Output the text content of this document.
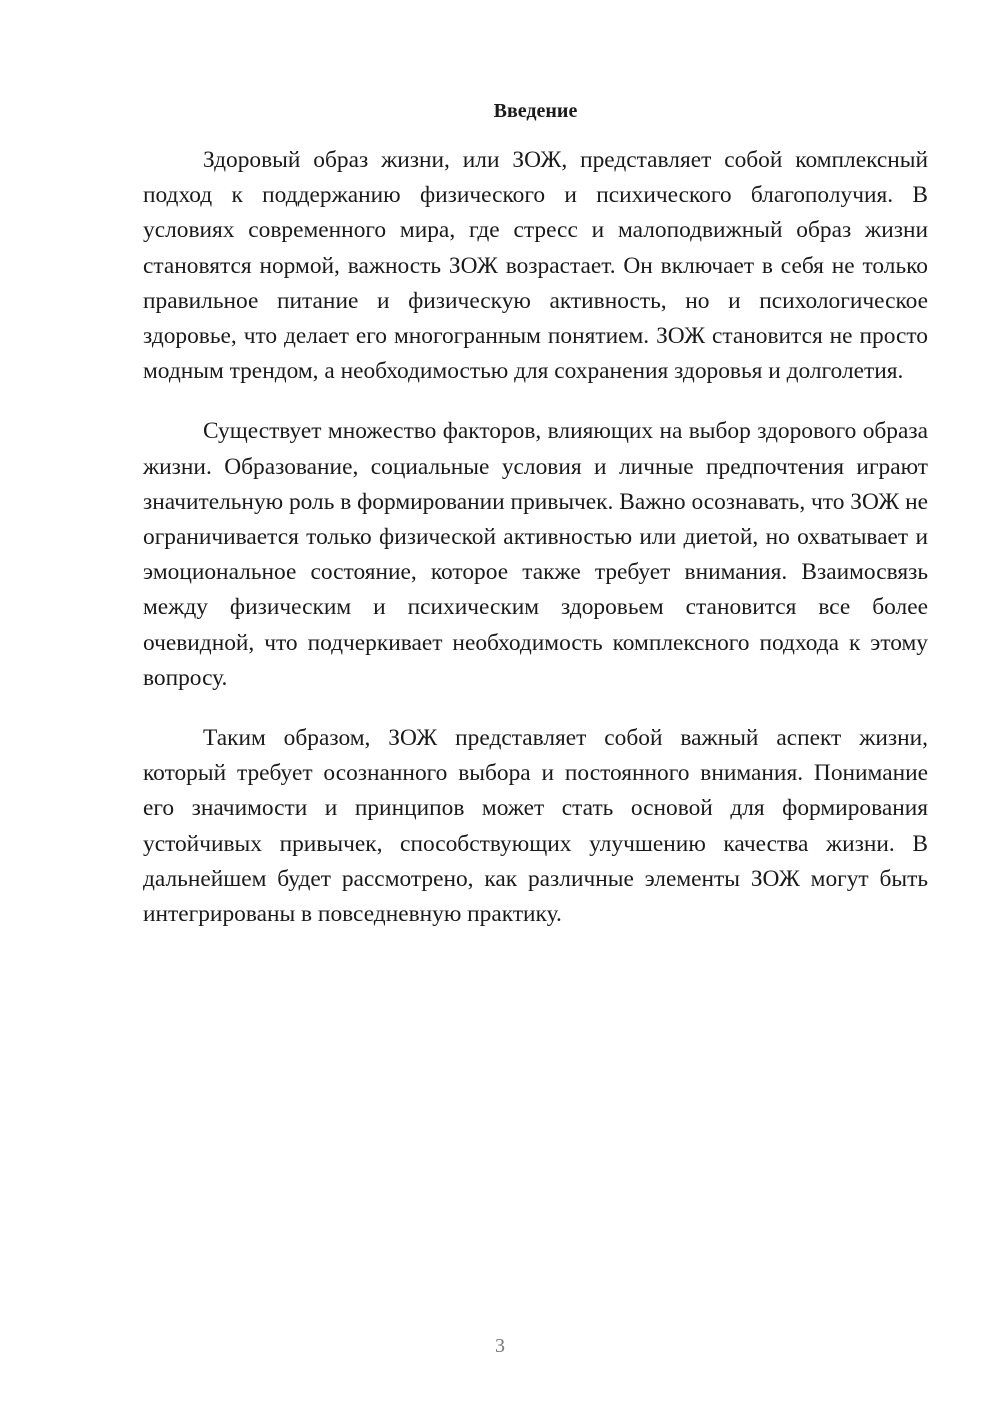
Введение

Здоровый образ жизни, или ЗОЖ, представляет собой комплексный подход к поддержанию физического и психического благополучия. В условиях современного мира, где стресс и малоподвижный образ жизни становятся нормой, важность ЗОЖ возрастает. Он включает в себя не только правильное питание и физическую активность, но и психологическое здоровье, что делает его многогранным понятием. ЗОЖ становится не просто модным трендом, а необходимостью для сохранения здоровья и долголетия.

Существует множество факторов, влияющих на выбор здорового образа жизни. Образование, социальные условия и личные предпочтения играют значительную роль в формировании привычек. Важно осознавать, что ЗОЖ не ограничивается только физической активностью или диетой, но охватывает и эмоциональное состояние, которое также требует внимания. Взаимосвязь между физическим и психическим здоровьем становится все более очевидной, что подчеркивает необходимость комплексного подхода к этому вопросу.

Таким образом, ЗОЖ представляет собой важный аспект жизни, который требует осознанного выбора и постоянного внимания. Понимание его значимости и принципов может стать основой для формирования устойчивых привычек, способствующих улучшению качества жизни. В дальнейшем будет рассмотрено, как различные элементы ЗОЖ могут быть интегрированы в повседневную практику.

3
